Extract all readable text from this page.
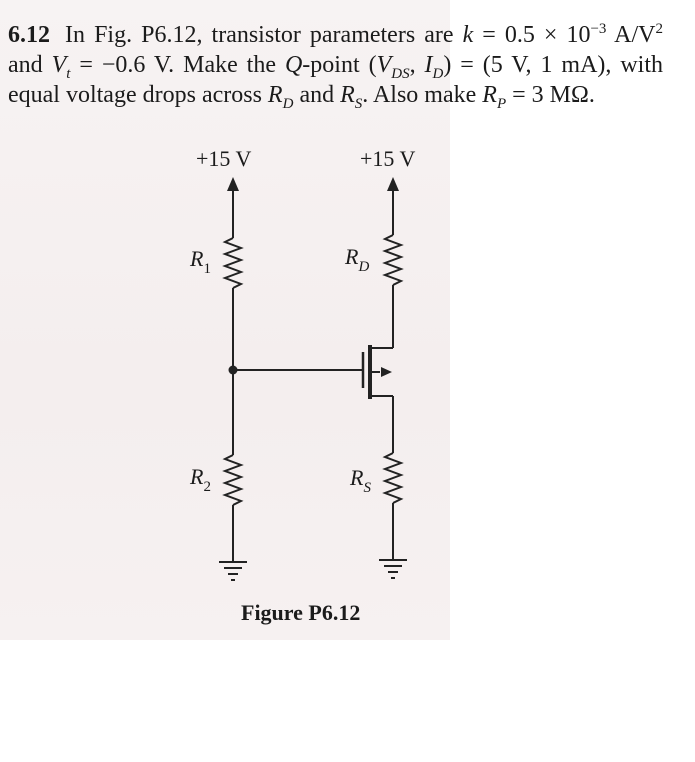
6.12 In Fig. P6.12, transistor parameters are $k = 0.5 \times 10^{-3}$ $A/V^2$ and $V_t = -0.6$ V. Make the Q-point ($V_{DS}$, $I_D) = (5$ V, 1 mA), with equal voltage drops across $R_D$ and $R_S$. Also make $R_P = 3$ MΩ.
+15 V	+15 V
$R_1$	$R_D$
$R_2$	$R_S$
Figure P6.12
